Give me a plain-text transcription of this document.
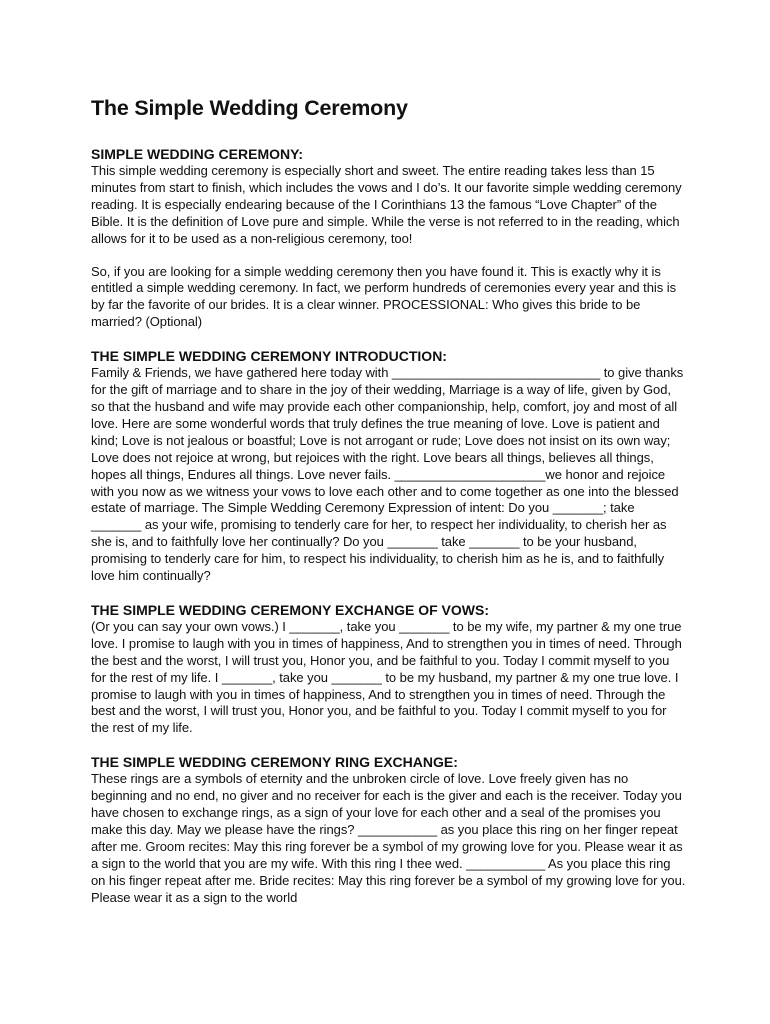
The Simple Wedding Ceremony
SIMPLE WEDDING CEREMONY:

This simple wedding ceremony is especially short and sweet. The entire reading takes less than 15 minutes from start to finish, which includes the vows and I do’s. It our favorite simple wedding ceremony reading. It is especially endearing because of the I Corinthians 13 the famous “Love Chapter” of the Bible. It is the definition of Love pure and simple. While the verse is not referred to in the reading, which allows for it to be used as a non-religious ceremony, too!

So, if you are looking for a simple wedding ceremony then you have found it. This is exactly why it is entitled a simple wedding ceremony. In fact, we perform hundreds of ceremonies every year and this is by far the favorite of our brides. It is a clear winner. PROCESSIONAL: Who gives this bride to be married? (Optional)

THE SIMPLE WEDDING CEREMONY INTRODUCTION:

Family & Friends, we have gathered here today with _____________________________ to give thanks for the gift of marriage and to share in the joy of their wedding, Marriage is a way of life, given by God, so that the husband and wife may provide each other companionship, help, comfort, joy and most of all love. Here are some wonderful words that truly defines the true meaning of love. Love is patient and kind; Love is not jealous or boastful; Love is not arrogant or rude; Love does not insist on its own way; Love does not rejoice at wrong, but rejoices with the right. Love bears all things, believes all things, hopes all things, Endures all things. Love never fails. _____________________we honor and rejoice with you now as we witness your vows to love each other and to come together as one into the blessed estate of marriage. The Simple Wedding Ceremony Expression of intent: Do you _______; take _______ as your wife, promising to tenderly care for her, to respect her individuality, to cherish her as she is, and to faithfully love her continually? Do you _______ take _______ to be your husband, promising to tenderly care for him, to respect his individuality, to cherish him as he is, and to faithfully love him continually?

THE SIMPLE WEDDING CEREMONY EXCHANGE OF VOWS:

(Or you can say your own vows.) I _______, take you _______ to be my wife, my partner & my one true love. I promise to laugh with you in times of happiness, And to strengthen you in times of need. Through the best and the worst, I will trust you, Honor you, and be faithful to you. Today I commit myself to you for the rest of my life. I _______, take you _______ to be my husband, my partner & my one true love. I promise to laugh with you in times of happiness, And to strengthen you in times of need. Through the best and the worst, I will trust you, Honor you, and be faithful to you. Today I commit myself to you for the rest of my life.

THE SIMPLE WEDDING CEREMONY RING EXCHANGE:

These rings are a symbols of eternity and the unbroken circle of love. Love freely given has no beginning and no end, no giver and no receiver for each is the giver and each is the receiver. Today you have chosen to exchange rings, as a sign of your love for each other and a seal of the promises you make this day. May we please have the rings? ___________ as you place this ring on her finger repeat after me. Groom recites: May this ring forever be a symbol of my growing love for you. Please wear it as a sign to the world that you are my wife. With this ring I thee wed. ___________ As you place this ring on his finger repeat after me. Bride recites: May this ring forever be a symbol of my growing love for you. Please wear it as a sign to the world
